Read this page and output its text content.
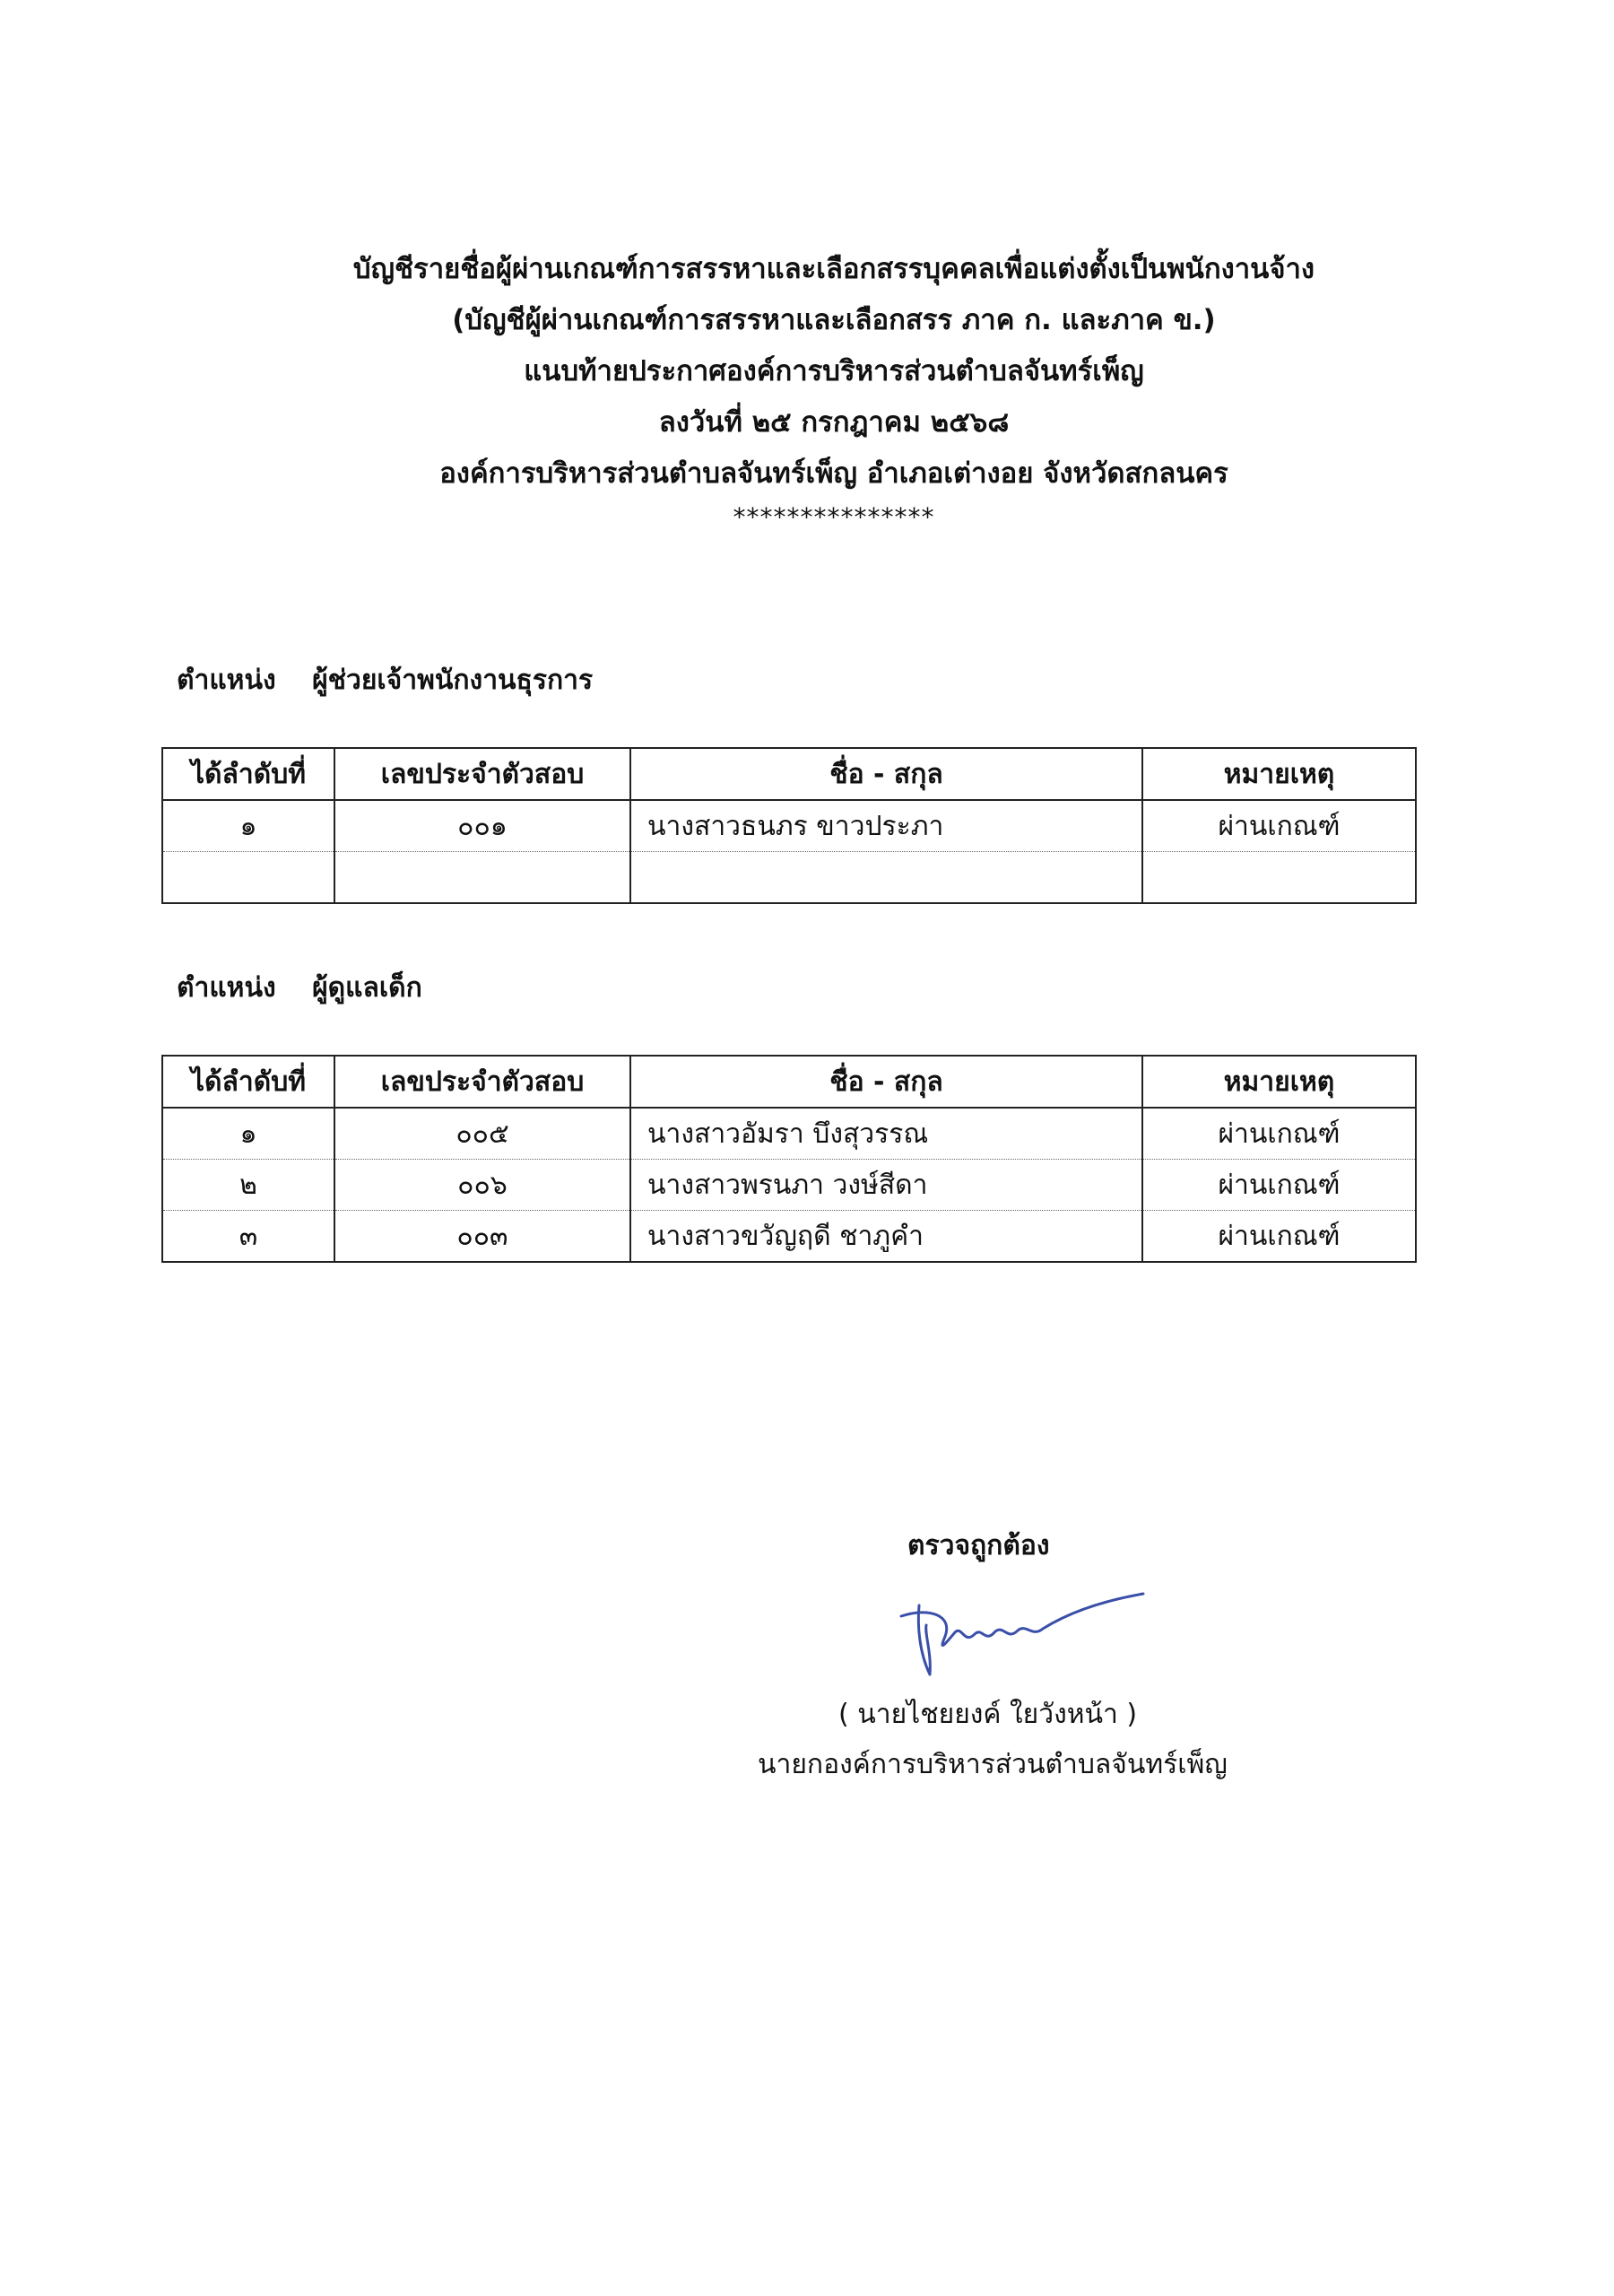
บัญชีรายชื่อผู้ผ่านเกณฑ์การสรรหาและเลือกสรรบุคคลเพื่อแต่งตั้งเป็นพนักงานจ้าง
(บัญชีผู้ผ่านเกณฑ์การสรรหาและเลือกสรร ภาค ก. และภาค ข.)
แนบท้ายประกาศองค์การบริหารส่วนตำบลจันทร์เพ็ญ
ลงวันที่ ๒๕ กรกฎาคม ๒๕๖๘
องค์การบริหารส่วนตำบลจันทร์เพ็ญ อำเภอเต่างอย จังหวัดสกลนคร
***************
ตำแหน่ง ผู้ช่วยเจ้าพนักงานธุรการ
ได้ลำดับที่	เลขประจำตัวสอบ	ชื่อ - สกุล	หมายเหตุ
๑	๐๐๑	นางสาวธนภร ขาวประภา	ผ่านเกณฑ์

ตำแหน่ง ผู้ดูแลเด็ก
ได้ลำดับที่	เลขประจำตัวสอบ	ชื่อ - สกุล	หมายเหตุ
๑	๐๐๕	นางสาวอัมรา บึงสุวรรณ	ผ่านเกณฑ์
๒	๐๐๖	นางสาวพรนภา วงษ์สีดา	ผ่านเกณฑ์
๓	๐๐๓	นางสาวขวัญฤดี ชาภูคำ	ผ่านเกณฑ์
ตรวจถูกต้อง
( นายไชยยงค์ ใยวังหน้า )
นายกองค์การบริหารส่วนตำบลจันทร์เพ็ญ
